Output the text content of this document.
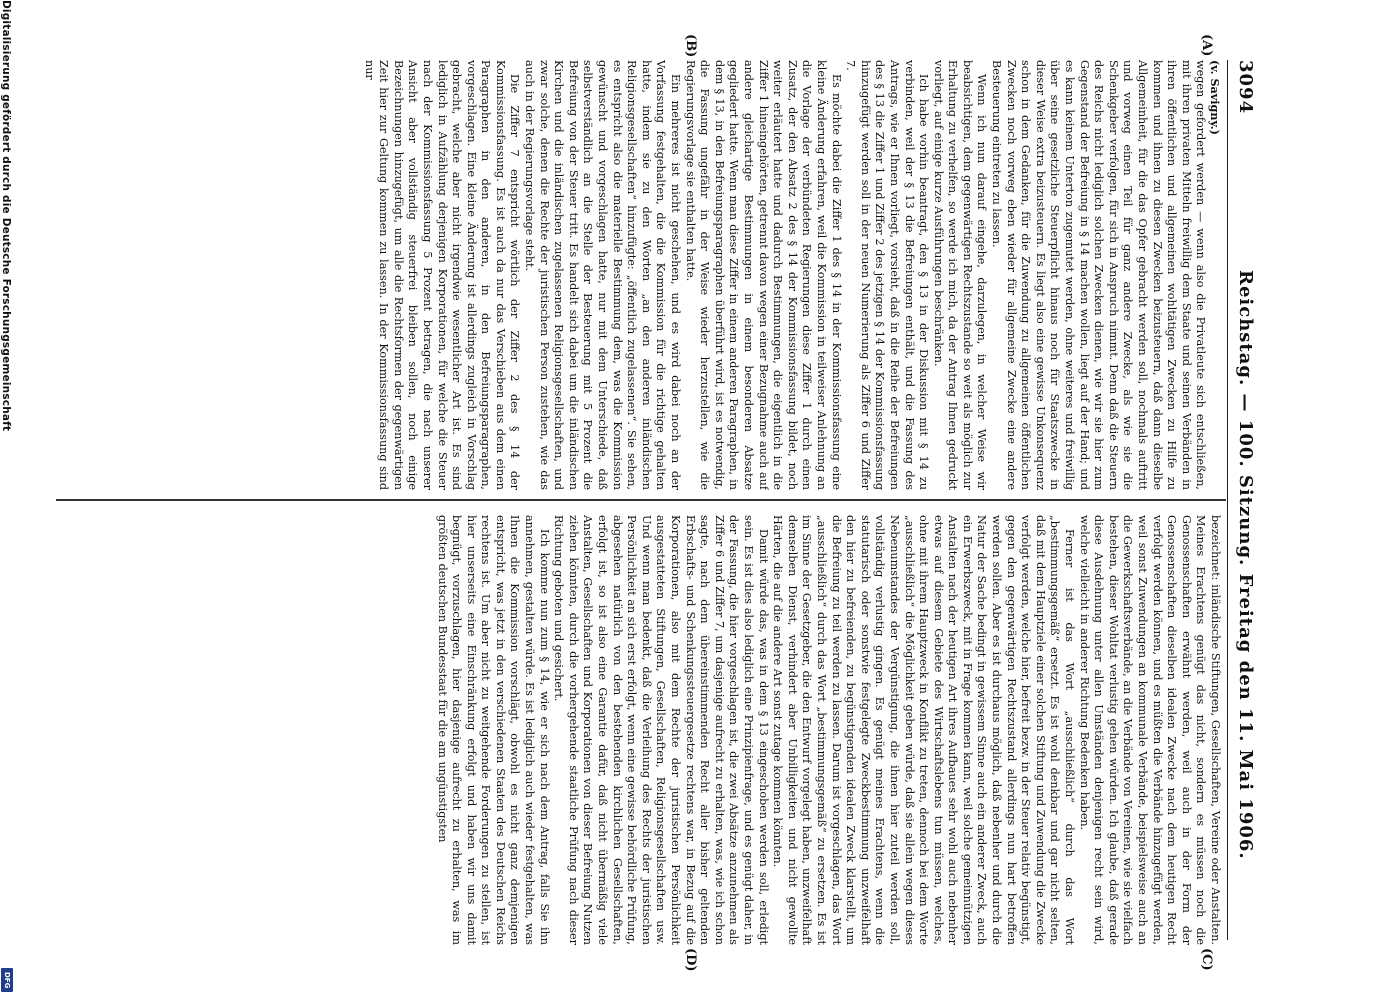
3094
Reichstag. — 100. Sitzung. Freitag den 11. Mai 1906.
(A)
(B)
(C)
(D)

(v. Savigny.)

wegen gefordert werden — wenn also die Privatleute sich entschließen, mit ihren privaten Mitteln freiwillig dem Staate und seinen Verbänden in ihren öffentlichen und allgemeinen wohltätigen Zwecken zu Hilfe zu kommen und ihnen zu diesen Zwecken beizusteuern, daß dann dieselbe Allgemeinheit, für die das Opfer gebracht werden soll, nochmals auftritt und vorweg einen Teil für ganz andere Zwecke, als wie sie die Schenkgeber verfolgen, für sich in Anspruch nimmt. Denn daß die Steuern des Reichs nicht lediglich solchen Zwecken dienen, wie wir sie hier zum Gegenstand der Befreiung in § 14 machen wollen, liegt auf der Hand; und es kann keinem Unterton zugemutet werden, ohne weiteres und freiwillig über seine gesetzliche Steuerpflicht hinaus noch für Staatszwecke in dieser Weise extra beizusteuern. Es liegt also eine gewisse Unkonsequenz schon in dem Gedanken, für die Zuwendung zu allgemeinen öffentlichen Zwecken noch vorweg eben wieder für allgemeine Zwecke eine andere Besteuerung eintreten zu lassen.

Wenn ich nun darauf eingehe, darzulegen, in welcher Weise wir beabsichtigen, dem gegenwärtigen Rechtszustande so weit als möglich zur Erhaltung zu verhelfen, so werde ich mich, da der Antrag Ihnen gedruckt vorliegt, auf einige kurze Ausführungen beschränken.

Ich habe vorhin beantragt, den § 13 in der Diskussion mit § 14 zu verbinden, weil der § 13 die Befreiungen enthält, und die Fassung des Antrags, wie er Ihnen vorliegt, vorsieht, daß in die Reihe der Befreiungen des § 13 die Ziffer 1 und Ziffer 2 des jetzigen § 14 der Kommissionsfassung hinzugefügt werden soll in der neuen Numerierung als Ziffer 6 und Ziffer 7.

Es möchte dabei die Ziffer 1 des § 14 in der Kommissionsfassung eine kleine Änderung erfahren, weil die Kommission in teilweiser Anlehnung an die Vorlage der verbündeten Regierungen diese Ziffer 1 durch einen Zusatz, der den Absatz 2 des § 14 der Kommissionsfassung bildet, noch weiter erläutert hatte und dadurch Bestimmungen, die eigentlich in die Ziffer 1 hineingehörten, getrennt davon wegen einer Bezugnahme auch auf andere gleichartige Bestimmungen in einem besonderen Absatze gegliedert hatte. Wenn man diese Ziffer in einem anderen Paragraphen, in dem § 13, in den Befreiungsparagraphen überführt wird, ist es notwendig, die Fassung ungefähr in der Weise wieder herzustellen, wie die Regierungsvorlage sie enthalten hatte.

Ein mehreres ist nicht geschehen, und es wird dabei noch an der Vorfassung festgehalten, die die Kommission für die richtige gehalten hatte, indem sie zu den Worten „an den anderen inländischen Religionsgesellschaften“ hinzufügte: „öffentlich zugelassenen“. Sie sehen, es entspricht also die materielle Bestimmung dem, was die Kommission gewünscht und vorgeschlagen hatte, nur mit dem Unterschiede, daß selbstverständlich an die Stelle der Besteuerung mit 5 Prozent die Befreiung von der Steuer tritt. Es handelt sich dabei um die inländischen Kirchen und die inländischen zugelassenen Religionsgesellschaften, und zwar solche, denen die Rechte der juristischen Person zustehen, wie das auch in der Regierungsvorlage steht.

Die Ziffer 7 entspricht wörtlich der Ziffer 2 des § 14 der Kommissionsfassung. Es ist auch da nur das Verschieben aus dem einen Paragraphen in den anderen, in den Befreiungsparagraphen, vorgeschlagen. Eine kleine Änderung ist allerdings zugleich in Vorschlag gebracht, welche aber nicht irgendwie wesentlicher Art ist. Es sind lediglich in Aufzählung derjenigen Korporationen, für welche die Steuer nach der Kommissionsfassung 5 Prozent betragen, die nach unserer Ansicht aber vollständig steuerfrei bleiben sollen, noch einige Bezeichnungen hinzugefügt, um alle die Rechtsformen der gegenwärtigen Zeit hier zur Geltung kommen zu lassen. In der Kommissionsfassung sind nur

bezeichnet: inländische Stiftungen, Gesellschaften, Vereine oder Anstalten. Meines Erachtens genügt das nicht, sondern es müssen noch die Genossenschaften erwähnt werden, weil auch in der Form der Genossenschaften dieselben idealen Zwecke nach dem heutigen Recht verfolgt werden können, und es müßten die Verbände hinzugefügt werden, weil sonst Zuwendungen an kommunale Verbände, beispielsweise auch an die Gewerkschaftsverbände, an die Verbände von Vereinen, wie sie vielfach bestehen, dieser Wohltat verlustig gehen würden. Ich glaube, daß gerade diese Ausdehnung unter allen Umständen denjenigen recht sein wird, welche vielleicht in anderer Richtung Bedenken haben.

Ferner ist das Wort „ausschließlich“ durch das Wort „bestimmungsgemäß“ ersetzt. Es ist wohl denkbar und gar nicht selten, daß mit dem Hauptziele einer solchen Stiftung und Zuwendung die Zwecke verfolgt werden, welche hier, befreit bezw. in der Steuer relativ begünstigt, gegen den gegenwärtigen Rechtszustand allerdings nun hart betroffen werden sollen. Aber es ist durchaus möglich, daß nebenher und durch die Natur der Sache bedingt in gewissem Sinne auch ein anderer Zweck, auch ein Erwerbszweck, mit in Frage kommen kann, weil solche gemeinnützigen Anstalten nach der heutigen Art ihres Aufbaues sehr wohl auch nebenher etwas auf diesem Gebiete des Wirtschaftslebens tun müssen, welches, ohne mit ihrem Hauptzweck in Konflikt zu treten, dennoch bei dem Worte „ausschließlich“ die Möglichkeit geben würde, daß sie allein wegen dieses Nebenumstandes der Vergünstigung, die ihnen hier zuteil werden soll, vollständig verlustig gingen. Es genügt meines Erachtens, wenn die statutarisch oder sonstwie festgelegte Zweckbestimmung unzweifelhaft den hier zu befreienden, zu begünstigenden idealen Zweck klarstellt, um die Befreiung zu teil werden zu lassen. Darum ist vorgeschlagen, das Wort „ausschließlich“ durch das Wort „bestimmungsgemäß“ zu ersetzen. Es ist im Sinne der Gesetzgeber, die den Entwurf vorgelegt haben, unzweifelhaft demselben Dienst, verhindert aber Unbilligkeiten und nicht gewollte Härten, die auf die andere Art sonst zutage kommen könnten.

Damit würde das, was in dem § 13 eingeschoben werden soll, erledigt sein. Es ist dies also lediglich eine Prinzipienfrage, und es genügt daher, in der Fassung, die hier vorgeschlagen ist, die zwei Absätze anzunehmen als Ziffer 6 und Ziffer 7, um dasjenige aufrecht zu erhalten, was, wie ich schon sagte, nach dem übereinstimmenden Recht aller bisher geltenden Erbschafts- und Schenkungssteuergesetze rechtens war, in Bezug auf die Korporationen, also mit dem Rechte der juristischen Persönlichkeit ausgestatteten Stiftungen, Gesellschaften, Religionsgesellschaften usw. Und wenn man bedenkt, daß die Verleihung des Rechts der juristischen Persönlichkeit an sich erst erfolgt, wenn eine gewisse behördliche Prüfung, abgesehen natürlich von den bestehenden kirchlichen Gesellschaften, erfolgt ist, so ist also eine Garantie dafür, daß nicht übermäßig viele Anstalten, Gesellschaften und Korporationen von dieser Befreiung Nutzen ziehen könnten, durch die vorhergehende staatliche Prüfung nach dieser Richtung geboten und gesichert.

Ich komme nun zum § 14, wie er sich nach dem Antrag, falls Sie ihn annehmen, gestalten würde. Es ist lediglich auch wieder festgehalten, was Ihnen die Kommission vorschlägt, obwohl es nicht ganz demjenigen entspricht, was jetzt in den verschiedenen Staaten des Deutschen Reichs rechtens ist. Um aber nicht zu weitgehende Forderungen zu stellen, ist hier unserseits eine Einschränkung erfolgt und haben wir uns damit begnügt, vorzuschlagen, hier dasjenige aufrecht zu erhalten, was im größten deutschen Bundesstaat für die am ungünstigsten

Digitalisierung gefördert durch die Deutsche Forschungsgemeinschaft
DFG
